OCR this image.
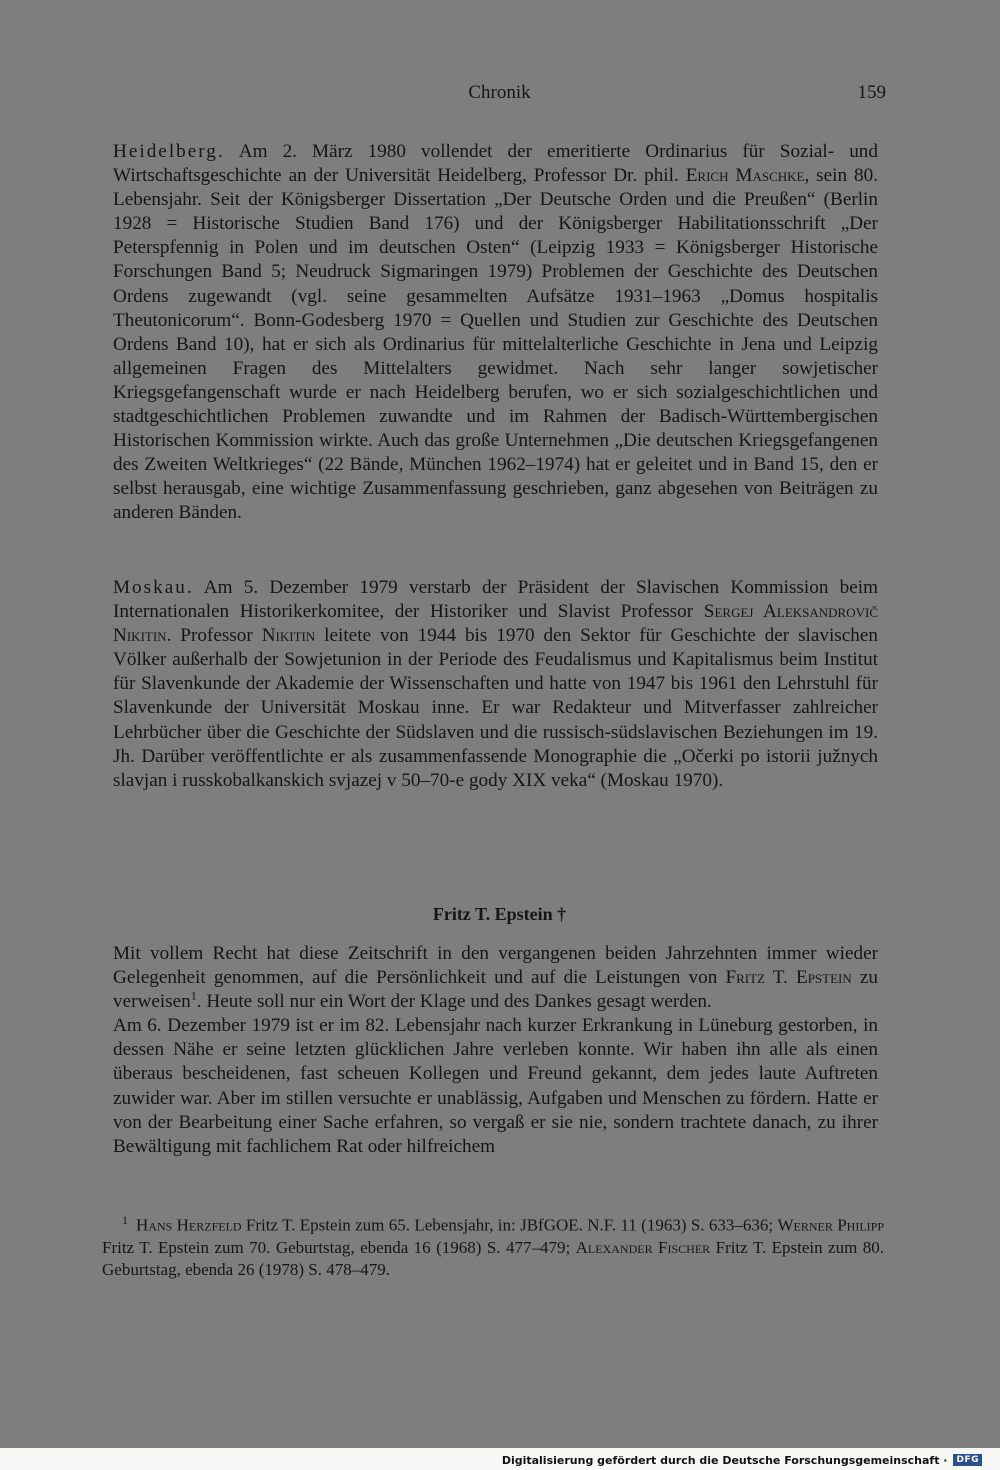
Chronik	159

Heidelberg. Am 2. März 1980 vollendet der emeritierte Ordinarius für Sozial- und Wirtschaftsgeschichte an der Universität Heidelberg, Professor Dr. phil. Erich Maschke, sein 80. Lebensjahr. Seit der Königsberger Dissertation „Der Deutsche Orden und die Preußen“ (Berlin 1928 = Historische Studien Band 176) und der Königsberger Habilitationsschrift „Der Peterspfennig in Polen und im deutschen Osten“ (Leipzig 1933 = Königsberger Historische Forschungen Band 5; Neudruck Sigmaringen 1979) Problemen der Geschichte des Deutschen Ordens zugewandt (vgl. seine gesammelten Aufsätze 1931–1963 „Domus hospitalis Theutonicorum“. Bonn-Godesberg 1970 = Quellen und Studien zur Geschichte des Deutschen Ordens Band 10), hat er sich als Ordinarius für mittelalterliche Geschichte in Jena und Leipzig allgemeinen Fragen des Mittelalters gewidmet. Nach sehr langer sowjetischer Kriegsgefangenschaft wurde er nach Heidelberg berufen, wo er sich sozialgeschichtlichen und stadtgeschichtlichen Problemen zuwandte und im Rahmen der Badisch-Württembergischen Historischen Kommission wirkte. Auch das große Unternehmen „Die deutschen Kriegsgefangenen des Zweiten Weltkrieges“ (22 Bände, München 1962–1974) hat er geleitet und in Band 15, den er selbst herausgab, eine wichtige Zusammenfassung geschrieben, ganz abgesehen von Beiträgen zu anderen Bänden.

Moskau. Am 5. Dezember 1979 verstarb der Präsident der Slavischen Kommission beim Internationalen Historikerkomitee, der Historiker und Slavist Professor Sergej Aleksandrovič Nikitin. Professor Nikitin leitete von 1944 bis 1970 den Sektor für Geschichte der slavischen Völker außerhalb der Sowjetunion in der Periode des Feudalismus und Kapitalismus beim Institut für Slavenkunde der Akademie der Wissenschaften und hatte von 1947 bis 1961 den Lehrstuhl für Slavenkunde der Universität Moskau inne. Er war Redakteur und Mitverfasser zahlreicher Lehrbücher über die Geschichte der Südslaven und die russisch-südslavischen Beziehungen im 19. Jh. Darüber veröffentlichte er als zusammenfassende Monographie die „Očerki po istorii južnych slavjan i russkobalkanskich svjazej v 50–70-e gody XIX veka“ (Moskau 1970).

Fritz T. Epstein †

Mit vollem Recht hat diese Zeitschrift in den vergangenen beiden Jahrzehnten immer wieder Gelegenheit genommen, auf die Persönlichkeit und auf die Leistungen von Fritz T. Epstein zu verweisen$^1$. Heute soll nur ein Wort der Klage und des Dankes gesagt werden.

Am 6. Dezember 1979 ist er im 82. Lebensjahr nach kurzer Erkrankung in Lüneburg gestorben, in dessen Nähe er seine letzten glücklichen Jahre verleben konnte. Wir haben ihn alle als einen überaus bescheidenen, fast scheuen Kollegen und Freund gekannt, dem jedes laute Auftreten zuwider war. Aber im stillen versuchte er unablässig, Aufgaben und Menschen zu fördern. Hatte er von der Bearbeitung einer Sache erfahren, so vergaß er sie nie, sondern trachtete danach, zu ihrer Bewältigung mit fachlichem Rat oder hilfreichem

$^1$ Hans Herzfeld Fritz T. Epstein zum 65. Lebensjahr, in: JBfGOE. N.F. 11 (1963) S. 633–636; Werner Philipp Fritz T. Epstein zum 70. Geburtstag, ebenda 16 (1968) S. 477–479; Alexander Fischer Fritz T. Epstein zum 80. Geburtstag, ebenda 26 (1978) S. 478–479.
Digitalisierung gefördert durch die Deutsche Forschungsgemeinschaft ·	DFG
